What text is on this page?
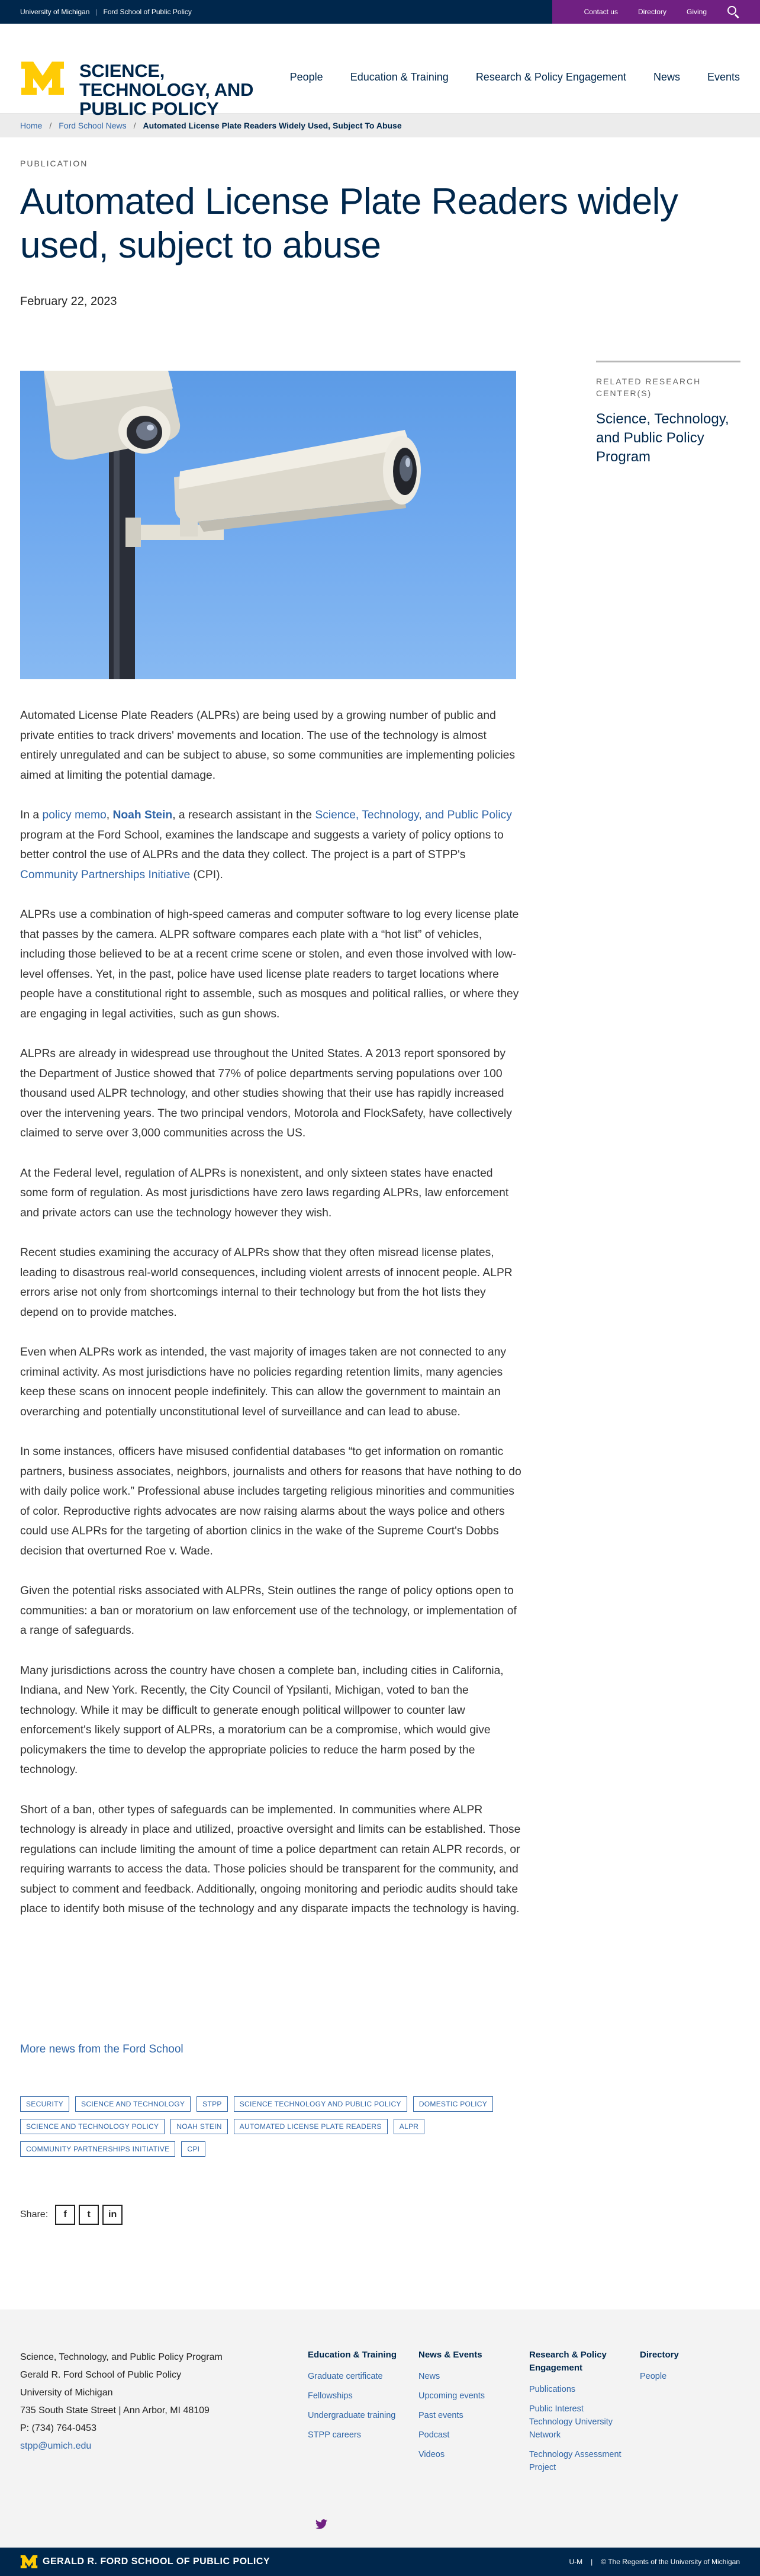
University of Michigan | Ford School of Public Policy	Contact us	Directory	Giving
SCIENCE, TECHNOLOGY, AND PUBLIC POLICY
People	Education & Training	Research & Policy Engagement	News	Events
Home / Ford School News / Automated License Plate Readers Widely Used, Subject To Abuse
PUBLICATION
Automated License Plate Readers widely used, subject to abuse
February 22, 2023
RELATED RESEARCH CENTER(S)
Science, Technology, and Public Policy Program

Automated License Plate Readers (ALPRs) are being used by a growing number of public and private entities to track drivers' movements and location. The use of the technology is almost entirely unregulated and can be subject to abuse, so some communities are implementing policies aimed at limiting the potential damage.

In a policy memo, Noah Stein, a research assistant in the Science, Technology, and Public Policy program at the Ford School, examines the landscape and suggests a variety of policy options to better control the use of ALPRs and the data they collect. The project is a part of STPP's Community Partnerships Initiative (CPI).

ALPRs use a combination of high-speed cameras and computer software to log every license plate that passes by the camera. ALPR software compares each plate with a “hot list” of vehicles, including those believed to be at a recent crime scene or stolen, and even those involved with low-level offenses. Yet, in the past, police have used license plate readers to target locations where people have a constitutional right to assemble, such as mosques and political rallies, or where they are engaging in legal activities, such as gun shows.

ALPRs are already in widespread use throughout the United States. A 2013 report sponsored by the Department of Justice showed that 77% of police departments serving populations over 100 thousand used ALPR technology, and other studies showing that their use has rapidly increased over the intervening years. The two principal vendors, Motorola and FlockSafety, have collectively claimed to serve over 3,000 communities across the US.

At the Federal level, regulation of ALPRs is nonexistent, and only sixteen states have enacted some form of regulation. As most jurisdictions have zero laws regarding ALPRs, law enforcement and private actors can use the technology however they wish.

Recent studies examining the accuracy of ALPRs show that they often misread license plates, leading to disastrous real-world consequences, including violent arrests of innocent people. ALPR errors arise not only from shortcomings internal to their technology but from the hot lists they depend on to provide matches.

Even when ALPRs work as intended, the vast majority of images taken are not connected to any criminal activity. As most jurisdictions have no policies regarding retention limits, many agencies keep these scans on innocent people indefinitely. This can allow the government to maintain an overarching and potentially unconstitutional level of surveillance and can lead to abuse.

In some instances, officers have misused confidential databases “to get information on romantic partners, business associates, neighbors, journalists and others for reasons that have nothing to do with daily police work.” Professional abuse includes targeting religious minorities and communities of color. Reproductive rights advocates are now raising alarms about the ways police and others could use ALPRs for the targeting of abortion clinics in the wake of the Supreme Court's Dobbs decision that overturned Roe v. Wade.

Given the potential risks associated with ALPRs, Stein outlines the range of policy options open to communities: a ban or moratorium on law enforcement use of the technology, or implementation of a range of safeguards.

Many jurisdictions across the country have chosen a complete ban, including cities in California, Indiana, and New York. Recently, the City Council of Ypsilanti, Michigan, voted to ban the technology. While it may be difficult to generate enough political willpower to counter law enforcement's likely support of ALPRs, a moratorium can be a compromise, which would give policymakers the time to develop the appropriate policies to reduce the harm posed by the technology.

Short of a ban, other types of safeguards can be implemented. In communities where ALPR technology is already in place and utilized, proactive oversight and limits can be established. Those regulations can include limiting the amount of time a police department can retain ALPR records, or requiring warrants to access the data. Those policies should be transparent for the community, and subject to comment and feedback. Additionally, ongoing monitoring and periodic audits should take place to identify both misuse of the technology and any disparate impacts the technology is having.

More news from the Ford School
SECURITY	SCIENCE AND TECHNOLOGY	STPP	SCIENCE TECHNOLOGY AND PUBLIC POLICY	DOMESTIC POLICY
SCIENCE AND TECHNOLOGY POLICY	NOAH STEIN	AUTOMATED LICENSE PLATE READERS	ALPR
COMMUNITY PARTNERSHIPS INITIATIVE	CPI
Share:	f	t	in
Science, Technology, and Public Policy Program
Gerald R. Ford School of Public Policy
University of Michigan
735 South State Street | Ann Arbor, MI 48109
P: (734) 764-0453
stpp@umich.edu
Education & Training
Graduate certificate
Fellowships
Undergraduate training
STPP careers
News & Events
News
Upcoming events
Past events
Podcast
Videos
Research & Policy Engagement
Publications
Public Interest Technology University Network
Technology Assessment Project
Directory
People
GERALD R. FORD SCHOOL OF PUBLIC POLICY	U-M | © The Regents of the University of Michigan
